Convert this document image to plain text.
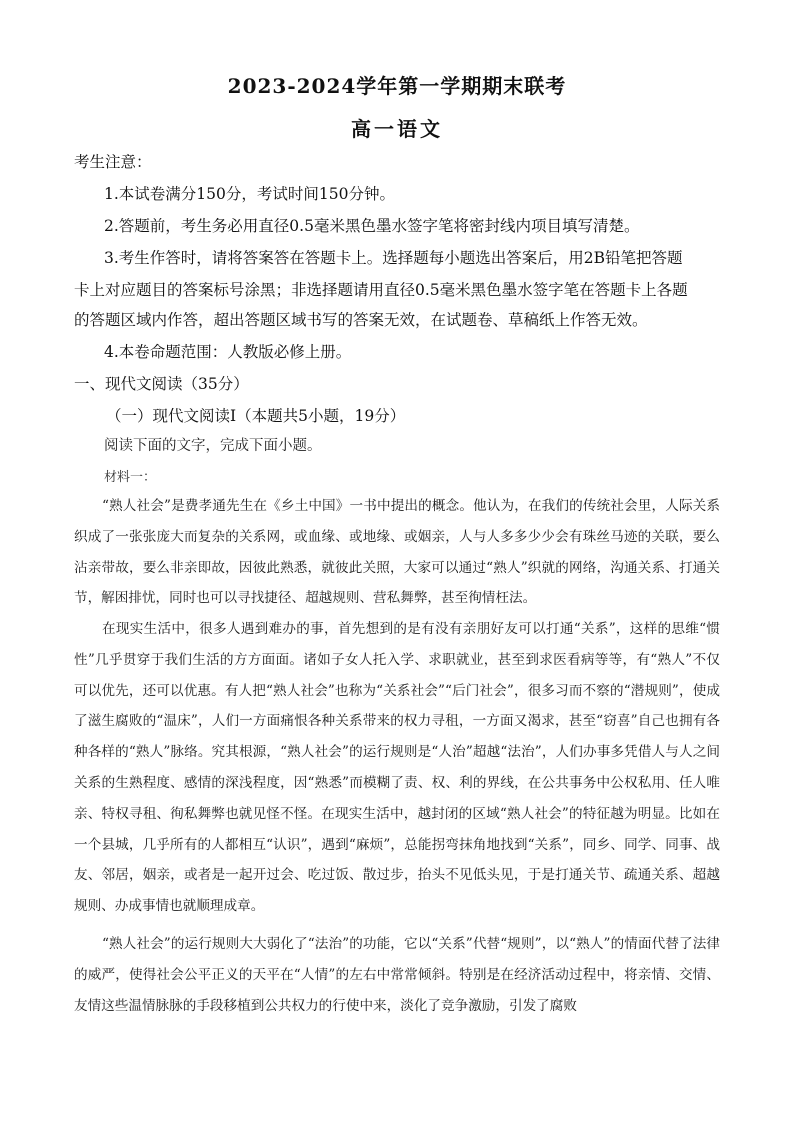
2023-2024学年第一学期期末联考
高一语文
考生注意：
1.本试卷满分150分，考试时间150分钟。
2.答题前，考生务必用直径0.5毫米黑色墨水签字笔将密封线内项目填写清楚。
3.考生作答时，请将答案答在答题卡上。选择题每小题选出答案后，用2B铅笔把答题
卡上对应题目的答案标号涂黑；非选择题请用直径0.5毫米黑色墨水签字笔在答题卡上各题
的答题区域内作答，超出答题区域书写的答案无效，在试题卷、草稿纸上作答无效。
4.本卷命题范围：人教版必修上册。
一、现代文阅读（35分）
（一）现代文阅读Ⅰ（本题共5小题，19分）
阅读下面的文字，完成下面小题。
材料一：
“熟人社会”是费孝通先生在《乡土中国》一书中提出的概念。他认为，在我们的传统社会里，人际关系织成了一张张庞大而复杂的关系网，或血缘、或地缘、或姻亲，人与人多多少少会有珠丝马迹的关联，要么沾亲带故，要么非亲即故，因彼此熟悉，就彼此关照，大家可以通过“熟人”织就的网络，沟通关系、打通关节，解困排忧，同时也可以寻找捷径、超越规则、营私舞弊，甚至徇情枉法。
在现实生活中，很多人遇到难办的事，首先想到的是有没有亲朋好友可以打通“关系”，这样的思维“惯性”几乎贯穿于我们生活的方方面面。诸如子女人托入学、求职就业，甚至到求医看病等等，有“熟人”不仅可以优先，还可以优惠。有人把“熟人社会”也称为“关系社会”“后门社会”，很多习而不察的“潜规则”，使成了滋生腐败的“温床”，人们一方面痛恨各种关系带来的权力寻租，一方面又渴求，甚至“窃喜”自己也拥有各种各样的“熟人”脉络。究其根源，“熟人社会”的运行规则是“人治”超越“法治”，人们办事多凭借人与人之间关系的生熟程度、感情的深浅程度，因“熟悉”而模糊了责、权、利的界线，在公共事务中公权私用、任人唯亲、特权寻租、徇私舞弊也就见怪不怪。在现实生活中，越封闭的区域“熟人社会”的特征越为明显。比如在一个县城，几乎所有的人都相互“认识”，遇到“麻烦”，总能拐弯抹角地找到“关系”，同乡、同学、同事、战友、邻居，姻亲，或者是一起开过会、吃过饭、散过步，抬头不见低头见，于是打通关节、疏通关系、超越规则、办成事情也就顺理成章。
“熟人社会”的运行规则大大弱化了“法治”的功能，它以“关系”代替“规则”，以“熟人”的情面代替了法律的威严，使得社会公平正义的天平在“人情”的左右中常常倾斜。特别是在经济活动过程中，将亲情、交情、友情这些温情脉脉的手段移植到公共权力的行使中来，淡化了竞争激励，引发了腐败
